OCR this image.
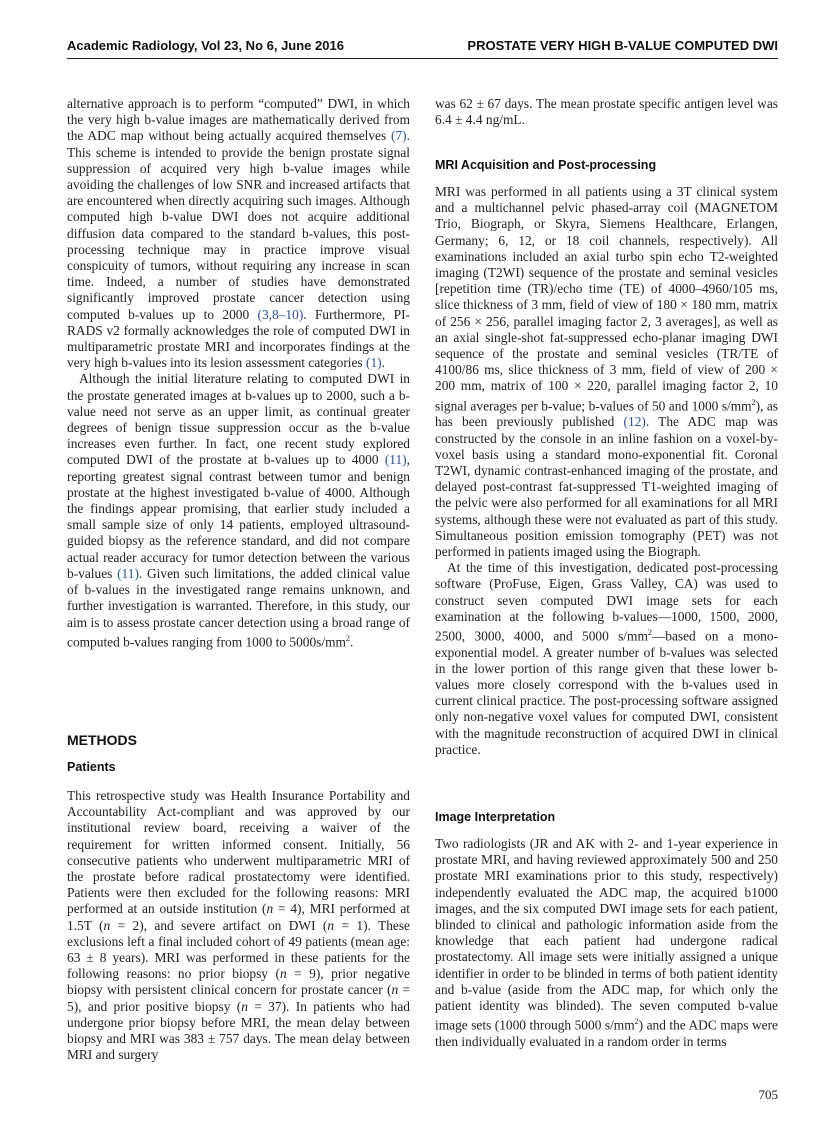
Academic Radiology, Vol 23, No 6, June 2016	PROSTATE VERY HIGH B-VALUE COMPUTED DWI

alternative approach is to perform “computed” DWI, in which the very high b-value images are mathematically derived from the ADC map without being actually acquired themselves (7). This scheme is intended to provide the benign prostate signal suppression of acquired very high b-value images while avoiding the challenges of low SNR and increased artifacts that are encountered when directly acquiring such images. Although computed high b-value DWI does not acquire additional diffusion data compared to the standard b-values, this post-processing technique may in practice improve visual conspicuity of tumors, without requiring any increase in scan time. Indeed, a number of studies have demonstrated significantly improved prostate cancer detection using computed b-values up to 2000 (3,8–10). Furthermore, PI-RADS v2 formally acknowledges the role of computed DWI in multiparametric prostate MRI and incorporates findings at the very high b-values into its lesion assessment categories (1).

Although the initial literature relating to computed DWI in the prostate generated images at b-values up to 2000, such a b-value need not serve as an upper limit, as continual greater degrees of benign tissue suppression occur as the b-value increases even further. In fact, one recent study explored computed DWI of the prostate at b-values up to 4000 (11), reporting greatest signal contrast between tumor and benign prostate at the highest investigated b-value of 4000. Although the findings appear promising, that earlier study included a small sample size of only 14 patients, employed ultrasound-guided biopsy as the reference standard, and did not compare actual reader accuracy for tumor detection between the various b-values (11). Given such limitations, the added clinical value of b-values in the investigated range remains unknown, and further investigation is warranted. Therefore, in this study, our aim is to assess prostate cancer detection using a broad range of computed b-values ranging from 1000 to $5000s/mm^2$.

METHODS
Patients

This retrospective study was Health Insurance Portability and Accountability Act-compliant and was approved by our institutional review board, receiving a waiver of the requirement for written informed consent. Initially, 56 consecutive patients who underwent multiparametric MRI of the prostate before radical prostatectomy were identified. Patients were then excluded for the following reasons: MRI performed at an outside institution (n = 4), MRI performed at 1.5T (n = 2), and severe artifact on DWI (n = 1). These exclusions left a final included cohort of 49 patients (mean age: 63 ± 8 years). MRI was performed in these patients for the following reasons: no prior biopsy (n = 9), prior negative biopsy with persistent clinical concern for prostate cancer (n = 5), and prior positive biopsy (n = 37). In patients who had undergone prior biopsy before MRI, the mean delay between biopsy and MRI was 383 ± 757 days. The mean delay between MRI and surgery

was 62 ± 67 days. The mean prostate specific antigen level was 6.4 ± 4.4 ng/mL.

MRI Acquisition and Post-processing

MRI was performed in all patients using a 3T clinical system and a multichannel pelvic phased-array coil (MAGNETOM Trio, Biograph, or Skyra, Siemens Healthcare, Erlangen, Germany; 6, 12, or 18 coil channels, respectively). All examinations included an axial turbo spin echo T2-weighted imaging (T2WI) sequence of the prostate and seminal vesicles [repetition time (TR)/echo time (TE) of 4000–4960/105 ms, slice thickness of 3 mm, field of view of 180 × 180 mm, matrix of 256 × 256, parallel imaging factor 2, 3 averages], as well as an axial single-shot fat-suppressed echo-planar imaging DWI sequence of the prostate and seminal vesicles (TR/TE of 4100/86 ms, slice thickness of 3 mm, field of view of 200 × 200 mm, matrix of 100 × 220, parallel imaging factor 2, 10 signal averages per b-value; b-values of 50 and 1000 $s/mm^2$), as has been previously published (12). The ADC map was constructed by the console in an inline fashion on a voxel-by-voxel basis using a standard mono-exponential fit. Coronal T2WI, dynamic contrast-enhanced imaging of the prostate, and delayed post-contrast fat-suppressed T1-weighted imaging of the pelvic were also performed for all examinations for all MRI systems, although these were not evaluated as part of this study. Simultaneous position emission tomography (PET) was not performed in patients imaged using the Biograph.

At the time of this investigation, dedicated post-processing software (ProFuse, Eigen, Grass Valley, CA) was used to construct seven computed DWI image sets for each examination at the following b-values—1000, 1500, 2000, 2500, 3000, 4000, and 5000 $s/mm^2—based$ on a mono-exponential model. A greater number of b-values was selected in the lower portion of this range given that these lower b-values more closely correspond with the b-values used in current clinical practice. The post-processing software assigned only non-negative voxel values for computed DWI, consistent with the magnitude reconstruction of acquired DWI in clinical practice.

Image Interpretation

Two radiologists (JR and AK with 2- and 1-year experience in prostate MRI, and having reviewed approximately 500 and 250 prostate MRI examinations prior to this study, respectively) independently evaluated the ADC map, the acquired b1000 images, and the six computed DWI image sets for each patient, blinded to clinical and pathologic information aside from the knowledge that each patient had undergone radical prostatectomy. All image sets were initially assigned a unique identifier in order to be blinded in terms of both patient identity and b-value (aside from the ADC map, for which only the patient identity was blinded). The seven computed b-value image sets (1000 through 5000 $s/mm^2$) and the ADC maps were then individually evaluated in a random order in terms

705
